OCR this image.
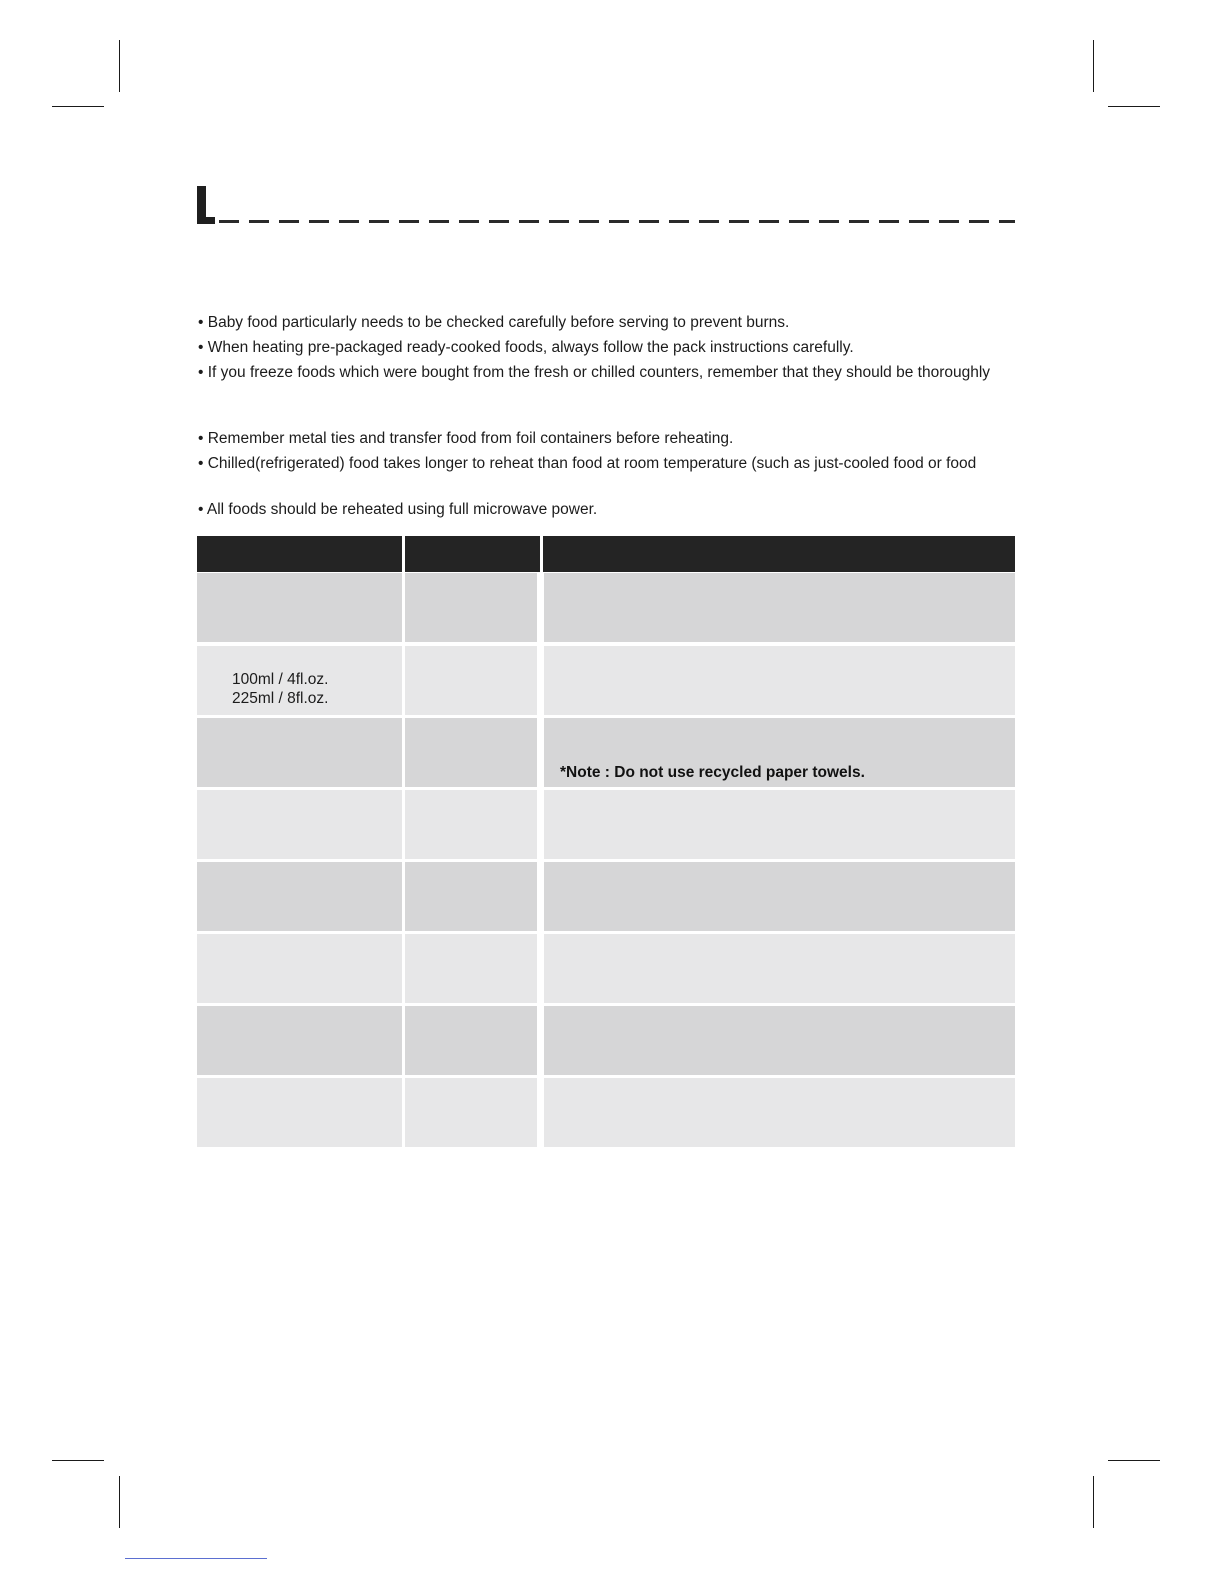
• Baby food particularly needs to be checked carefully before serving to prevent burns.
• When heating pre-packaged ready-cooked foods, always follow the pack instructions carefully.
• If you freeze foods which were bought from the fresh or chilled counters, remember that they should be thoroughly
• Remember metal ties and transfer food from foil containers before reheating.
• Chilled(refrigerated) food takes longer to reheat than food at room temperature (such as just-cooled food or food
• All foods should be reheated using full microwave power.
100ml / 4fl.oz.
225ml / 8fl.oz.
*Note : Do not use recycled paper towels.
